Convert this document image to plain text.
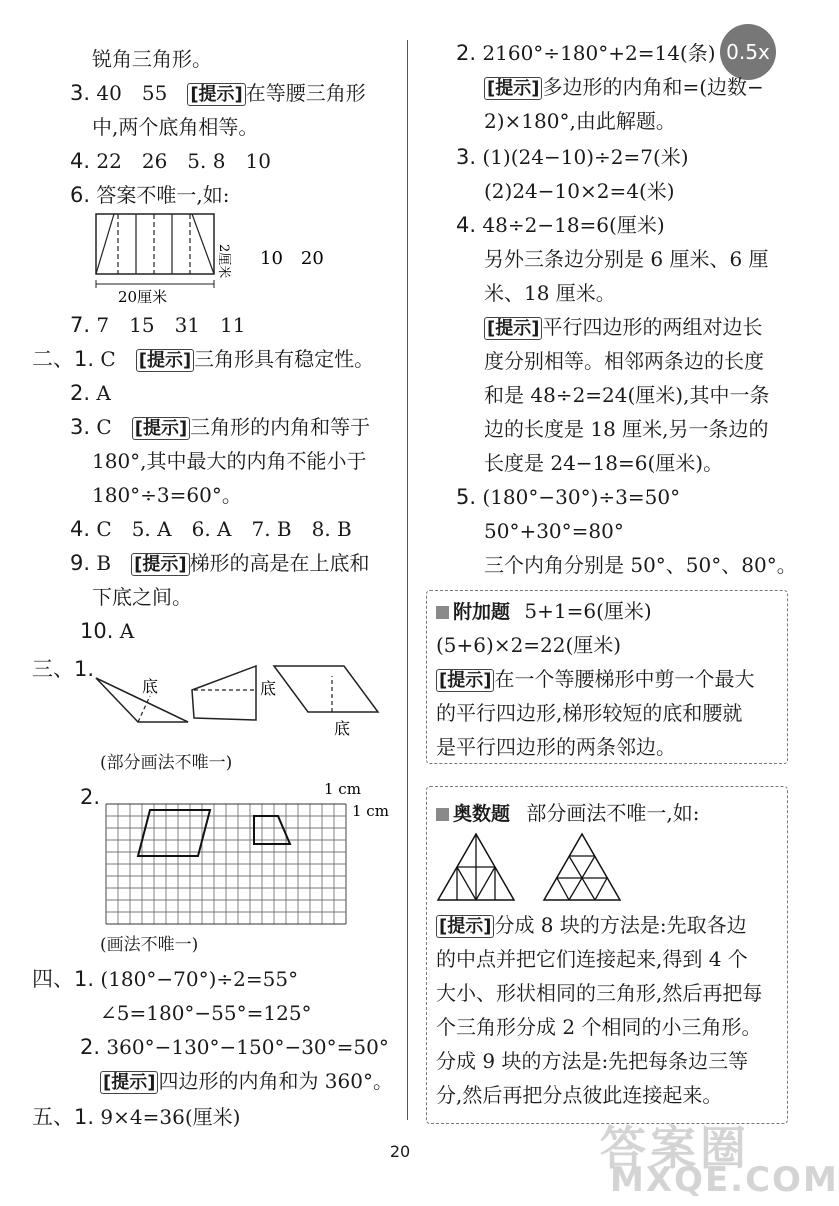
0.5x
锐角三角形。
3. 40　55　[提示] 在等腰三角形
中,两个底角相等。
4. 22　26　5. 8　10
6. 答案不唯一,如:
2厘米
20厘米
10　20
7. 7　15　31　11
二、1. C　[提示] 三角形具有稳定性。
2. A
3. C　[提示] 三角形的内角和等于
180°,其中最大的内角不能小于
180°÷3=60°。
4. C　5. A　6. A　7. B　8. B
9. B　[提示] 梯形的高是在上底和
下底之间。
10. A
三、1.
底	底
底
(部分画法不唯一)
2.	1 cm
1 cm
(画法不唯一)
四、1. (180°−70°)÷2=55°
∠5=180°−55°=125°
2. 360°−130°−150°−30°=50°
[提示] 四边形的内角和为 360°。
五、1. 9×4=36(厘米)
2. 2160°÷180°+2=14(条)
[提示] 多边形的内角和=(边数−
2)×180°,由此解题。
3. (1)(24−10)÷2=7(米)
(2)24−10×2=4(米)
4. 48÷2−18=6(厘米)
另外三条边分别是 6 厘米、6 厘
米、18 厘米。
[提示] 平行四边形的两组对边长
度分别相等。相邻两条边的长度
和是 48÷2=24(厘米),其中一条
边的长度是 18 厘米,另一条边的
长度是 24−18=6(厘米)。
5. (180°−30°)÷3=50°
50°+30°=80°
三个内角分别是 50°、50°、80°。
附加题 5+1=6(厘米)
(5+6)×2=22(厘米)
[提示] 在一个等腰梯形中剪一个最大
的平行四边形,梯形较短的底和腰就
是平行四边形的两条邻边。
奥数题 部分画法不唯一,如:
[提示] 分成 8 块的方法是:先取各边
的中点并把它们连接起来,得到 4 个
大小、形状相同的三角形,然后再把每
个三角形分成 2 个相同的小三角形。
分成 9 块的方法是:先把每条边三等
分,然后再把分点彼此连接起来。
20	答案圈
MXQE.COM
